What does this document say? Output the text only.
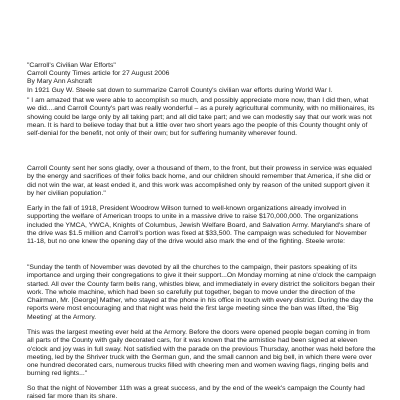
"Carroll's Civilian War Efforts"
Carroll County Times article for 27 August 2006
By Mary Ann Ashcraft
In 1921 Guy W. Steele sat down to summarize Carroll County's civilian war efforts during World War I.

" I am amazed that we were able to accomplish so much, and possibly appreciate more now, than I did then, what we did....and Carroll County's part was really wonderful – as a purely agricultural community, with no millionaires, its showing could be large only by all taking part; and all did take part; and we can modestly say that our work was not mean. It is hard to believe today that but a little over two short years ago the people of this County thought only of self-denial for the benefit, not only of their own; but for suffering humanity wherever found.

Carroll County sent her sons gladly, over a thousand of them, to the front, but their prowess in service was equaled by the energy and sacrifices of their folks back home, and our children should remember that America, if she did or did not win the war, at least ended it, and this work was accomplished only by reason of the united support given it by her civilian population."

Early in the fall of 1918, President Woodrow Wilson turned to well-known organizations already involved in supporting the welfare of American troops to unite in a massive drive to raise $170,000,000. The organizations included the YMCA, YWCA, Knights of Columbus, Jewish Welfare Board, and Salvation Army. Maryland's share of the drive was $1.5 million and Carroll's portion was fixed at $33,500. The campaign was scheduled for November 11-18, but no one knew the opening day of the drive would also mark the end of the fighting. Steele wrote:

"Sunday the tenth of November was devoted by all the churches to the campaign, their pastors speaking of its importance and urging their congregations to give it their support...On Monday morning at nine o'clock the campaign started. All over the County farm bells rang, whistles blew, and immediately in every district the solicitors began their work. The whole machine, which had been so carefully put together, began to move under the direction of the Chairman, Mr. [George] Mather, who stayed at the phone in his office in touch with every district. During the day the reports were most encouraging and that night was held the first large meeting since the ban was lifted, the 'Big Meeting' at the Armory.

This was the largest meeting ever held at the Armory. Before the doors were opened people began coming in from all parts of the County with gaily decorated cars, for it was known that the armistice had been signed at eleven o'clock and joy was in full sway. Not satisfied with the parade on the previous Thursday, another was held before the meeting, led by the Shriver truck with the German gun, and the small cannon and big bell, in which there were over one hundred decorated cars, numerous trucks filled with cheering men and women waving flags, ringing bells and burning red lights..."

So that the night of November 11th was a great success, and by the end of the week's campaign the County had raised far more than its share.
